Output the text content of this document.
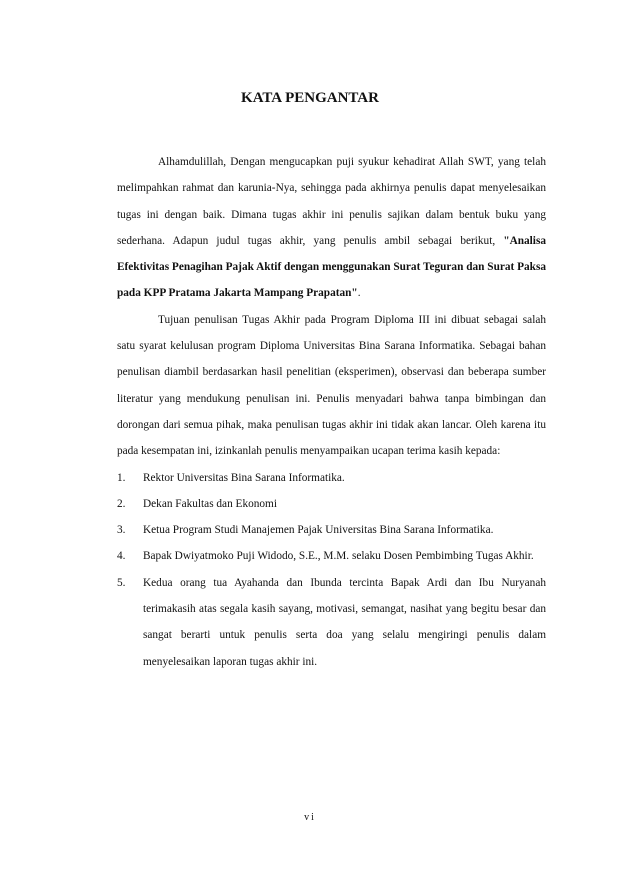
KATA PENGANTAR

Alhamdulillah, Dengan mengucapkan puji syukur kehadirat Allah SWT, yang telah melimpahkan rahmat dan karunia-Nya, sehingga pada akhirnya penulis dapat menyelesaikan tugas ini dengan baik. Dimana tugas akhir ini penulis sajikan dalam bentuk buku yang sederhana. Adapun judul tugas akhir, yang penulis ambil sebagai berikut, "Analisa Efektivitas Penagihan Pajak Aktif dengan menggunakan Surat Teguran dan Surat Paksa pada KPP Pratama Jakarta Mampang Prapatan".

Tujuan penulisan Tugas Akhir pada Program Diploma III ini dibuat sebagai salah satu syarat kelulusan program Diploma Universitas Bina Sarana Informatika. Sebagai bahan penulisan diambil berdasarkan hasil penelitian (eksperimen), observasi dan beberapa sumber literatur yang mendukung penulisan ini. Penulis menyadari bahwa tanpa bimbingan dan dorongan dari semua pihak, maka penulisan tugas akhir ini tidak akan lancar. Oleh karena itu pada kesempatan ini, izinkanlah penulis menyampaikan ucapan terima kasih kepada:

1. Rektor Universitas Bina Sarana Informatika.
2. Dekan Fakultas dan Ekonomi
3. Ketua Program Studi Manajemen Pajak Universitas Bina Sarana Informatika.
4. Bapak Dwiyatmoko Puji Widodo, S.E., M.M. selaku Dosen Pembimbing Tugas Akhir.
5. Kedua orang tua Ayahanda dan Ibunda tercinta Bapak Ardi dan Ibu Nuryanah terimakasih atas segala kasih sayang, motivasi, semangat, nasihat yang begitu besar dan sangat berarti untuk penulis serta doa yang selalu mengiringi penulis dalam menyelesaikan laporan tugas akhir ini.
vi
